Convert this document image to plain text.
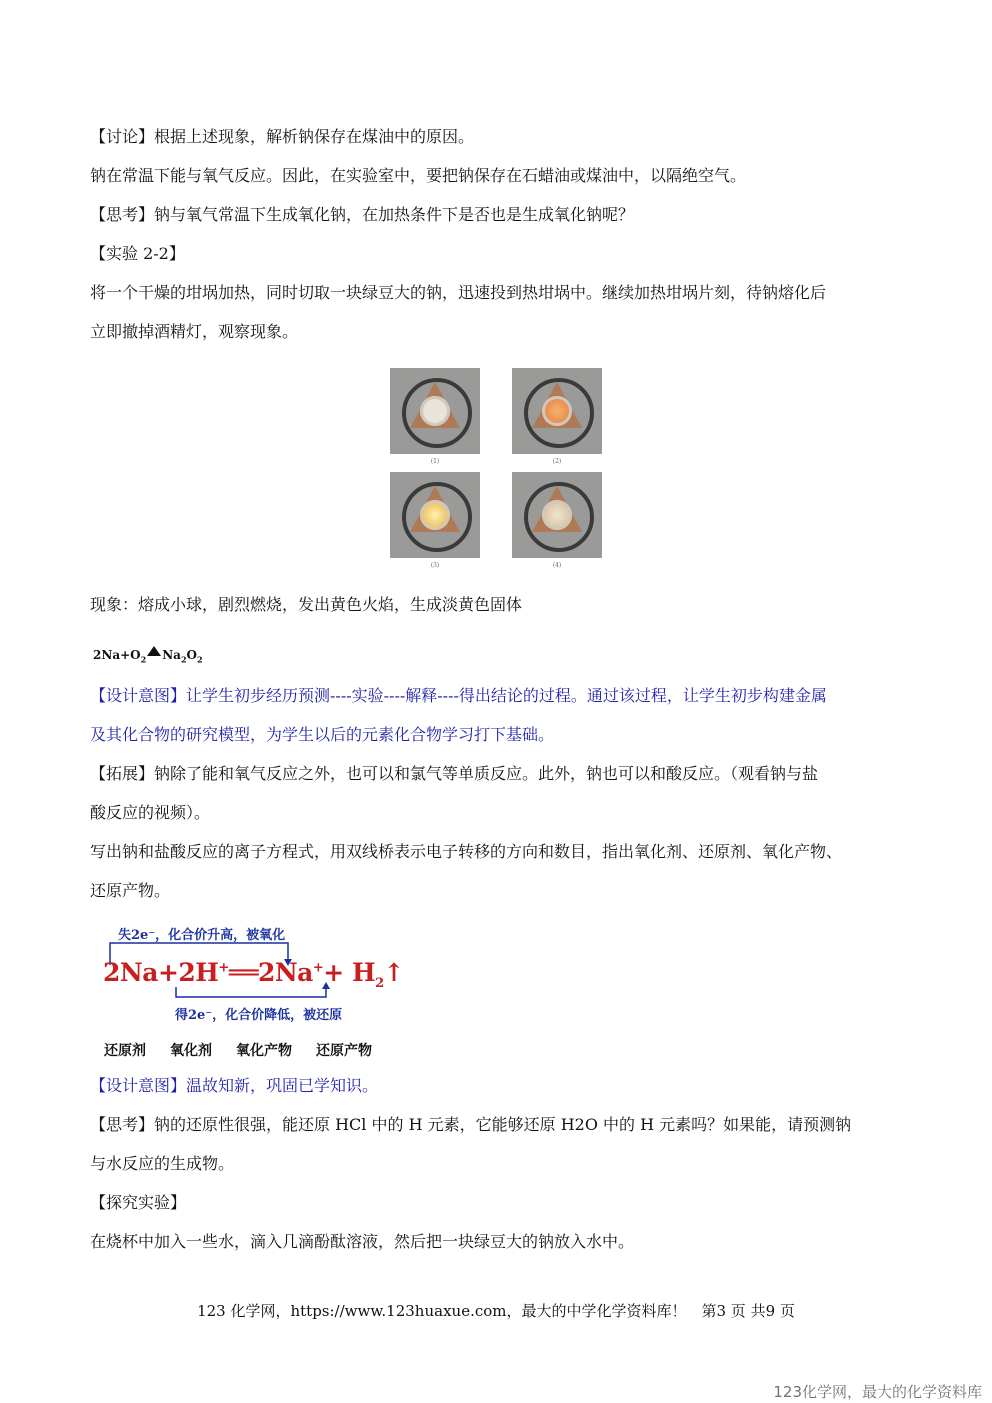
【讨论】根据上述现象，解析钠保存在煤油中的原因。
钠在常温下能与氧气反应。因此，在实验室中，要把钠保存在石蜡油或煤油中，以隔绝空气。
【思考】钠与氧气常温下生成氧化钠，在加热条件下是否也是生成氧化钠呢？
【实验 2-2】
将一个干燥的坩埚加热，同时切取一块绿豆大的钠，迅速投到热坩埚中。继续加热坩埚片刻，待钠熔化后
立即撤掉酒精灯，观察现象。
(1)	(2)
(3)	(4)
现象：熔成小球，剧烈燃烧，发出黄色火焰，生成淡黄色固体
$2Na+O_2$ $Na_2O_2$
【设计意图】让学生初步经历预测----实验----解释----得出结论的过程。通过该过程，让学生初步构建金属
及其化合物的研究模型，为学生以后的元素化合物学习打下基础。
【拓展】钠除了能和氧气反应之外，也可以和氯气等单质反应。此外，钠也可以和酸反应。（观看钠与盐
酸反应的视频）。
写出钠和盐酸反应的离子方程式，用双线桥表示电子转移的方向和数目，指出氧化剂、还原剂、氧化产物、
还原产物。
失2e⁻，化合价升高，被氧化
2Na+2H+══2Na++ $H_2↑$
得2e⁻，化合价降低，被还原
还原剂 氧化剂 氧化产物 还原产物
【设计意图】温故知新，巩固已学知识。
【思考】钠的还原性很强，能还原 HCl 中的 H 元素，它能够还原 H2O 中的 H 元素吗？如果能，请预测钠
与水反应的生成物。
【探究实验】
在烧杯中加入一些水，滴入几滴酚酞溶液，然后把一块绿豆大的钠放入水中。
123 化学网，https://www.123huaxue.com，最大的中学化学资料库！　第3 页 共9 页
123化学网，最大的化学资料库
